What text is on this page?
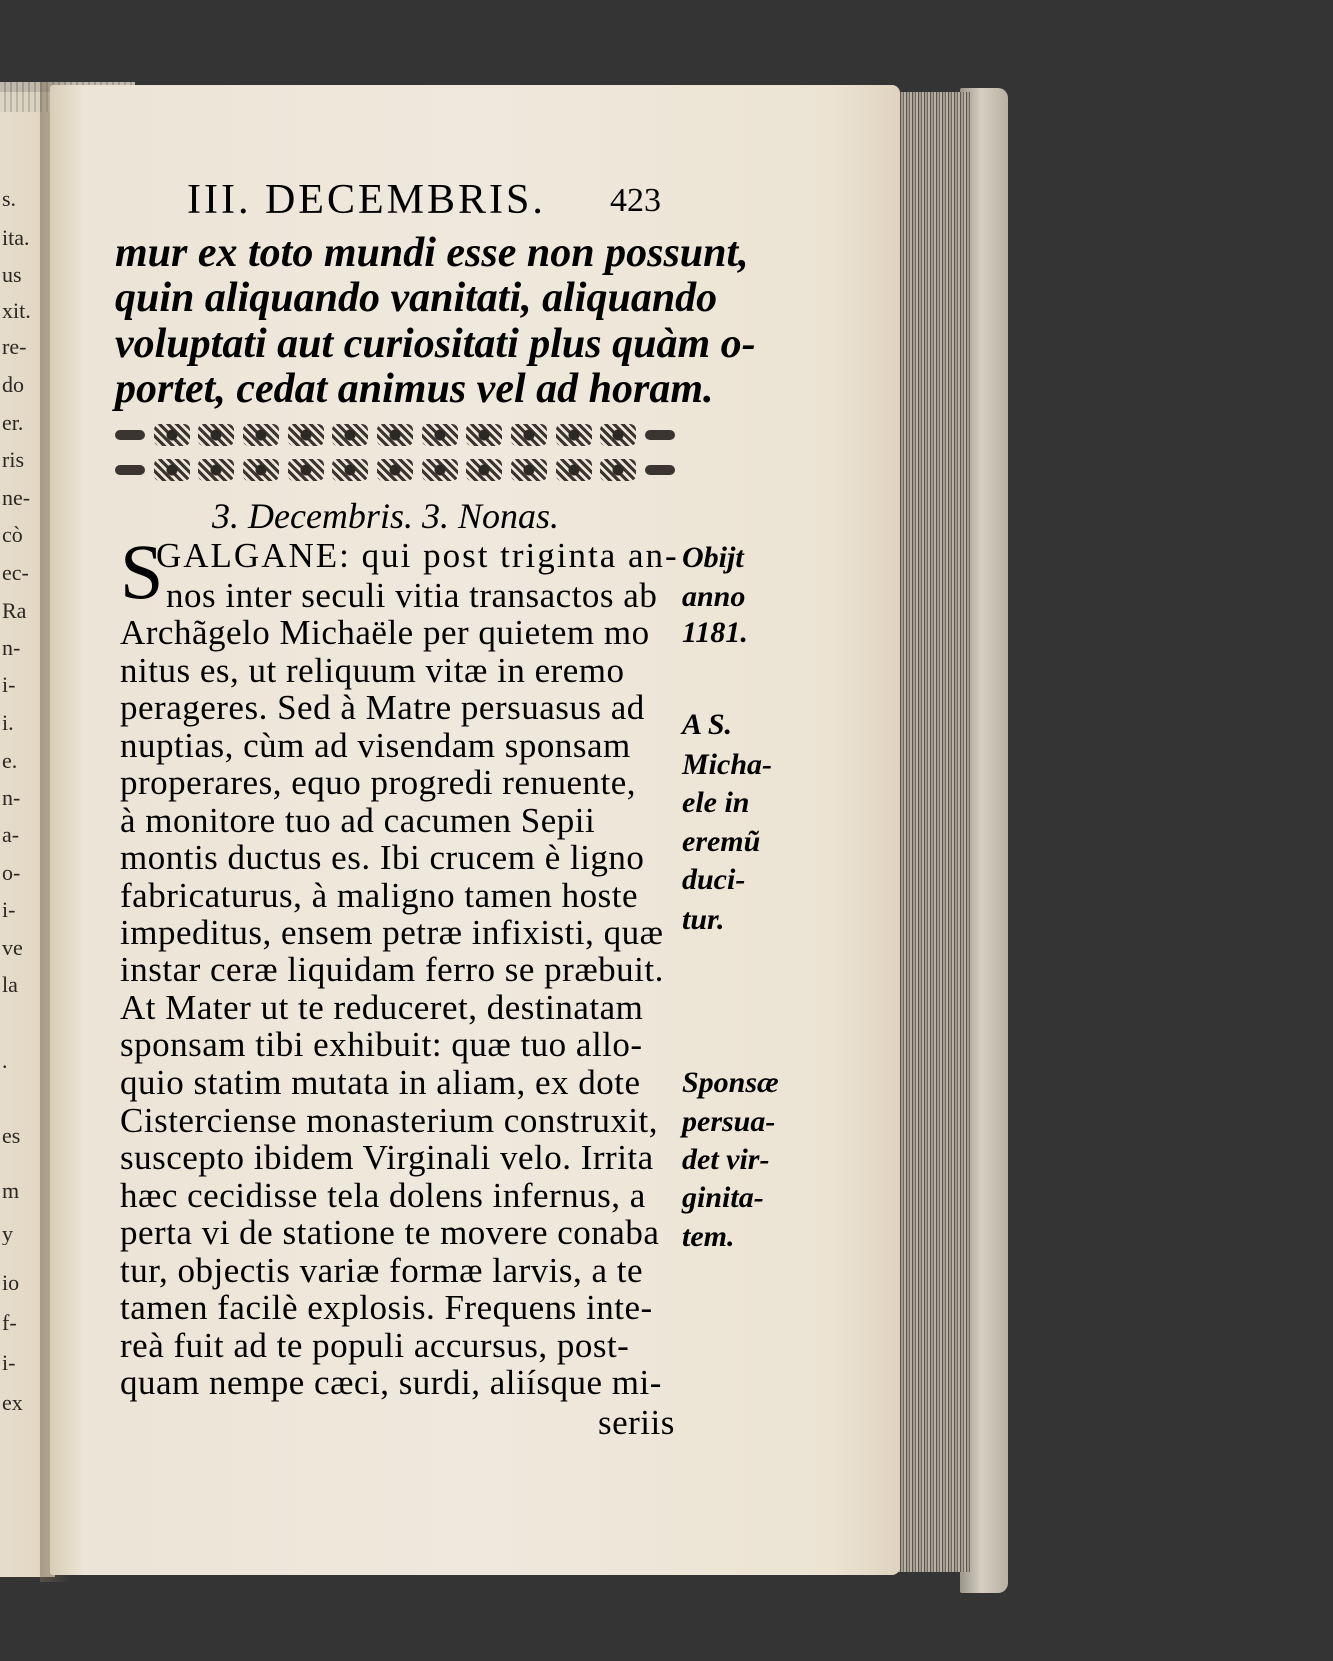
s.
ita.
us
xit.
re-
do
er.
ris
ne-
cò
ec-
Ra
n-
i-
i.
e.
n-
a-
o-
i-
ve
la
.
es
m
y
io
f-
i-
ex
III. DECEMBRIS.	423
mur ex toto mundi esse non possunt,
quin aliquando vanitati, aliquando
voluptati aut curiositati plus quàm o-
portet, cedat animus vel ad horam.
3. Decembris. 3. Nonas.
S
GALGANE: qui post triginta an-
nos inter seculi vitia transactos ab
Archãgelo Michaële per quietem mo
nitus es, ut reliquum vitæ in eremo
perageres. Sed à Matre persuasus ad
nuptias, cùm ad visendam sponsam
properares, equo progredi renuente,
à monitore tuo ad cacumen Sepii
montis ductus es. Ibi crucem è ligno
fabricaturus, à maligno tamen hoste
impeditus, ensem petræ infixisti, quæ
instar ceræ liquidam ferro se præbuit.
At Mater ut te reduceret, destinatam
sponsam tibi exhibuit: quæ tuo allo-
quio statim mutata in aliam, ex dote
Cisterciense monasterium construxit,
suscepto ibidem Virginali velo. Irrita
hæc cecidisse tela dolens infernus, a
perta vi de statione te movere conaba
tur, objectis variæ formæ larvis, a te
tamen facilè explosis. Frequens inte-
reà fuit ad te populi accursus, post-
quam nempe cæci, surdi, aliísque mi-
seriis
Obijt
anno
1181.
A S.
Micha-
ele in
eremũ
duci-
tur.
Sponsæ
persua-
det vir-
ginita-
tem.
